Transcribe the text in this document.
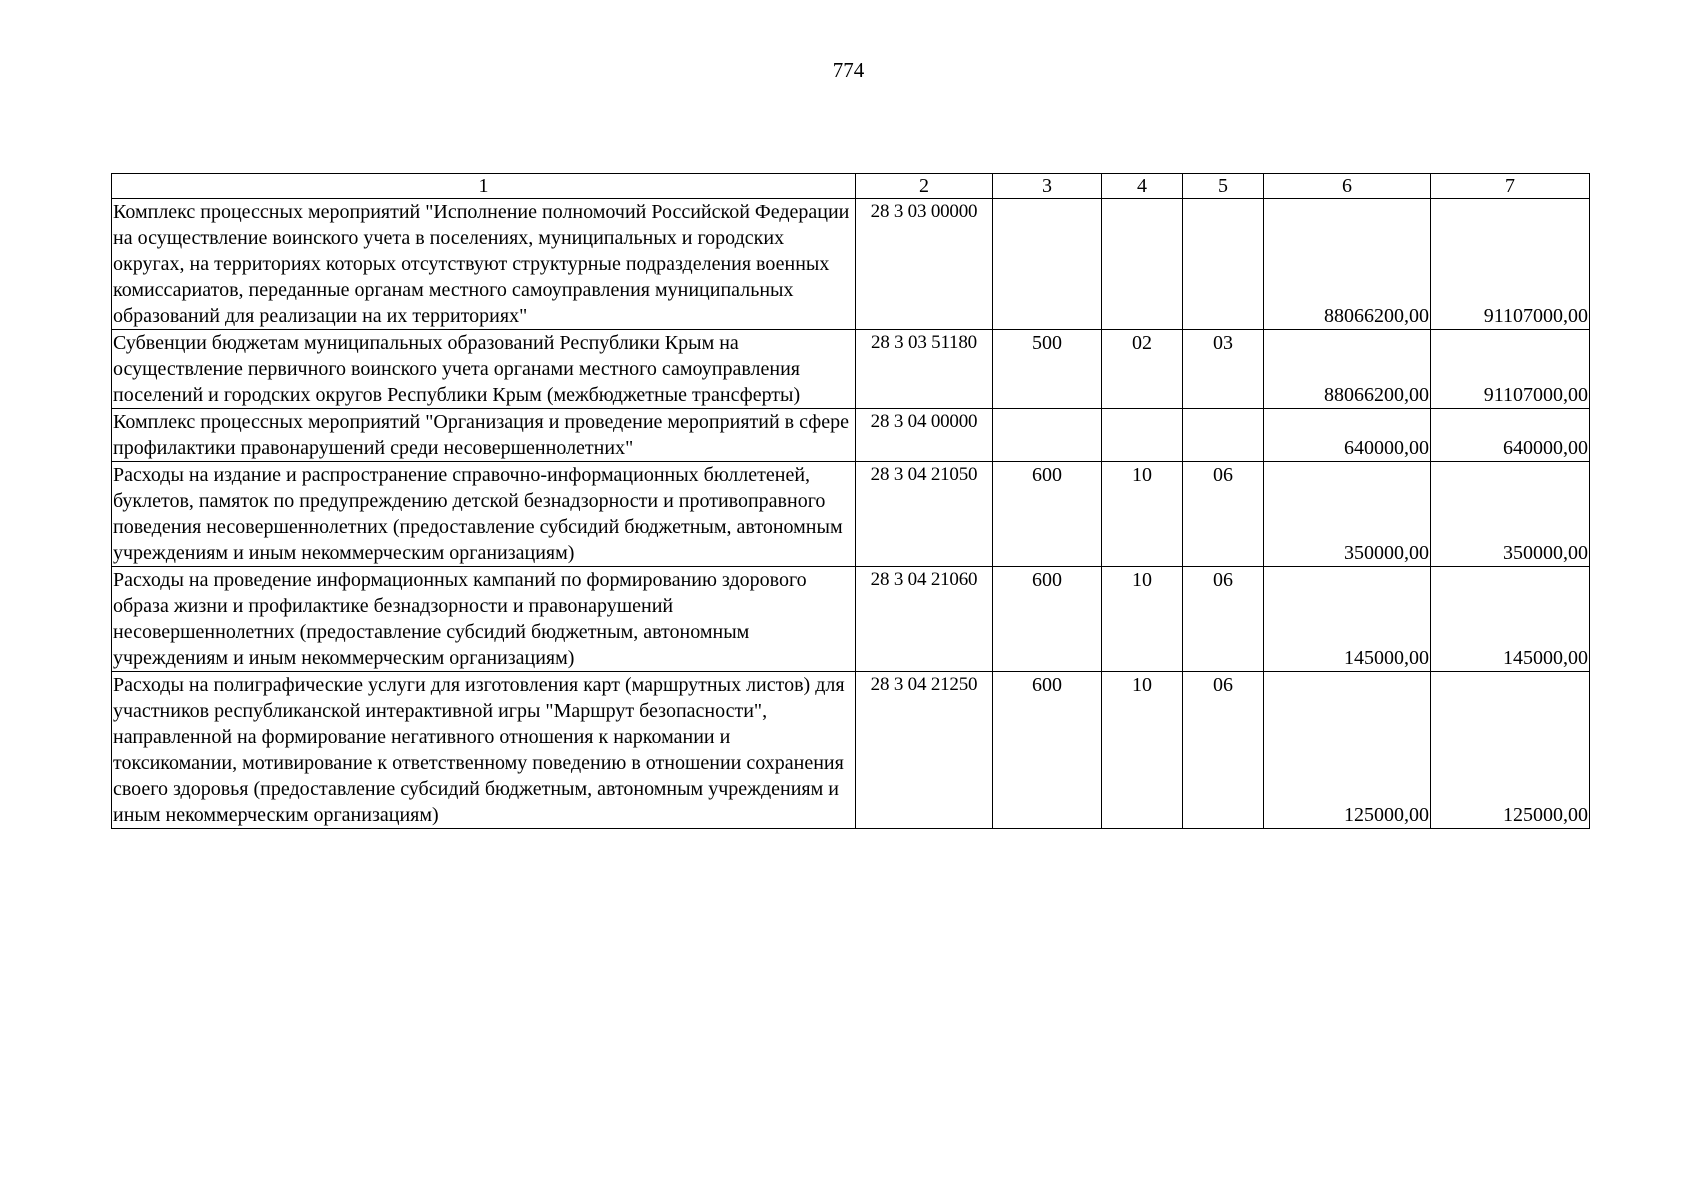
774
1	2	3	4	5	6	7
Комплекс процессных мероприятий "Исполнение полномочий Российской Федерации на осуществление воинского учета в поселениях, муниципальных и городских округах, на территориях которых отсутствуют структурные подразделения военных комиссариатов, переданные органам местного самоуправления муниципальных образований для реализации на их территориях"	28 3 03 00000				88066200,00	91107000,00
Субвенции бюджетам муниципальных образований Республики Крым на осуществление первичного воинского учета органами местного самоуправления поселений и городских округов Республики Крым (межбюджетные трансферты)	28 3 03 51180	500	02	03	88066200,00	91107000,00
Комплекс процессных мероприятий "Организация и проведение мероприятий в сфере профилактики правонарушений среди несовершеннолетних"	28 3 04 00000				640000,00	640000,00
Расходы на издание и распространение справочно-информационных бюллетеней, буклетов, памяток по предупреждению детской безнадзорности и противоправного поведения несовершеннолетних (предоставление субсидий бюджетным, автономным учреждениям и иным некоммерческим организациям)	28 3 04 21050	600	10	06	350000,00	350000,00
Расходы на проведение информационных кампаний по формированию здорового образа жизни и профилактике безнадзорности и правонарушений несовершеннолетних (предоставление субсидий бюджетным, автономным учреждениям и иным некоммерческим организациям)	28 3 04 21060	600	10	06	145000,00	145000,00
Расходы на полиграфические услуги для изготовления карт (маршрутных листов) для участников республиканской интерактивной игры "Маршрут безопасности", направленной на формирование негативного отношения к наркомании и токсикомании, мотивирование к ответственному поведению в отношении сохранения своего здоровья (предоставление субсидий бюджетным, автономным учреждениям и иным некоммерческим организациям)	28 3 04 21250	600	10	06	125000,00	125000,00
